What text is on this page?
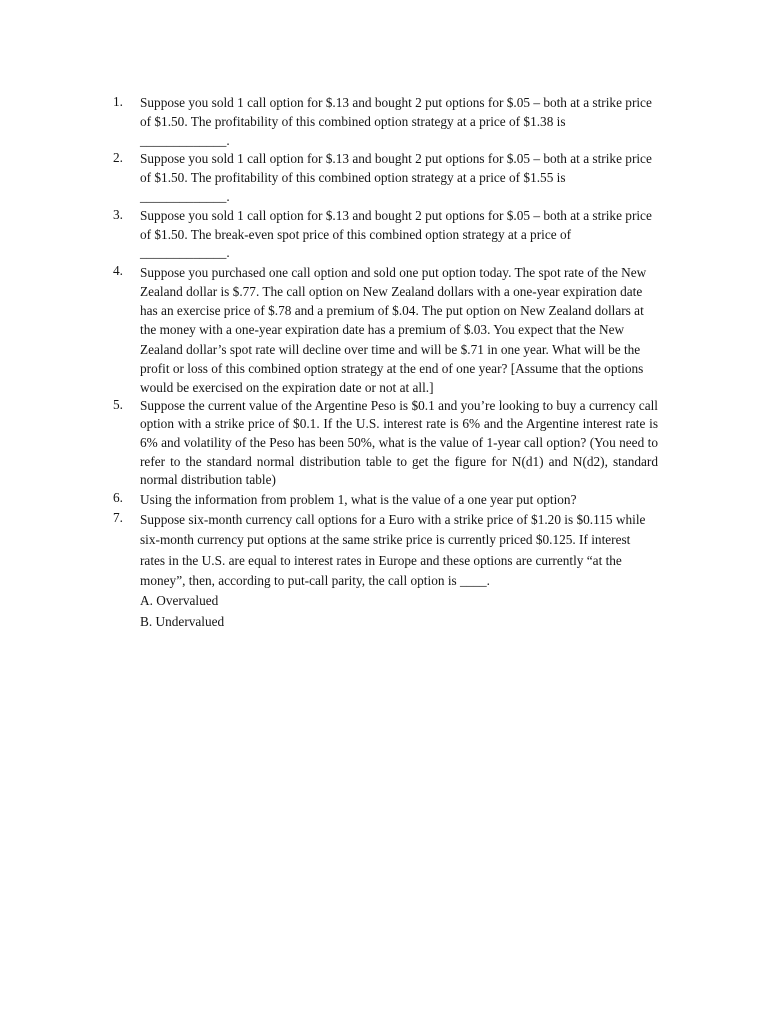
1.	Suppose you sold 1 call option for $.13 and bought 2 put options for $.05 – both at a strike price of $1.50. The profitability of this combined option strategy at a price of $1.38 is _____________.

2.	Suppose you sold 1 call option for $.13 and bought 2 put options for $.05 – both at a strike price of $1.50. The profitability of this combined option strategy at a price of $1.55 is _____________.

3.	Suppose you sold 1 call option for $.13 and bought 2 put options for $.05 – both at a strike price of $1.50. The break-even spot price of this combined option strategy at a price of _____________.

4.	Suppose you purchased one call option and sold one put option today. The spot rate of the New Zealand dollar is $.77. The call option on New Zealand dollars with a one-year expiration date has an exercise price of $.78 and a premium of $.04. The put option on New Zealand dollars at the money with a one-year expiration date has a premium of $.03. You expect that the New Zealand dollar’s spot rate will decline over time and will be $.71 in one year. What will be the profit or loss of this combined option strategy at the end of one year? [Assume that the options would be exercised on the expiration date or not at all.]

5.	Suppose the current value of the Argentine Peso is $0.1 and you’re looking to buy a currency call option with a strike price of $0.1. If the U.S. interest rate is 6% and the Argentine interest rate is 6% and volatility of the Peso has been 50%, what is the value of 1-year call option? (You need to refer to the standard normal distribution table to get the figure for N(d1) and N(d2), standard normal distribution table)

6.	Using the information from problem 1, what is the value of a one year put option?

7.	Suppose six-month currency call options for a Euro with a strike price of $1.20 is $0.115 while six-month currency put options at the same strike price is currently priced $0.125. If interest rates in the U.S. are equal to interest rates in Europe and these options are currently “at the money”, then, according to put-call parity, the call option is ____.

A. Overvalued

B. Undervalued
